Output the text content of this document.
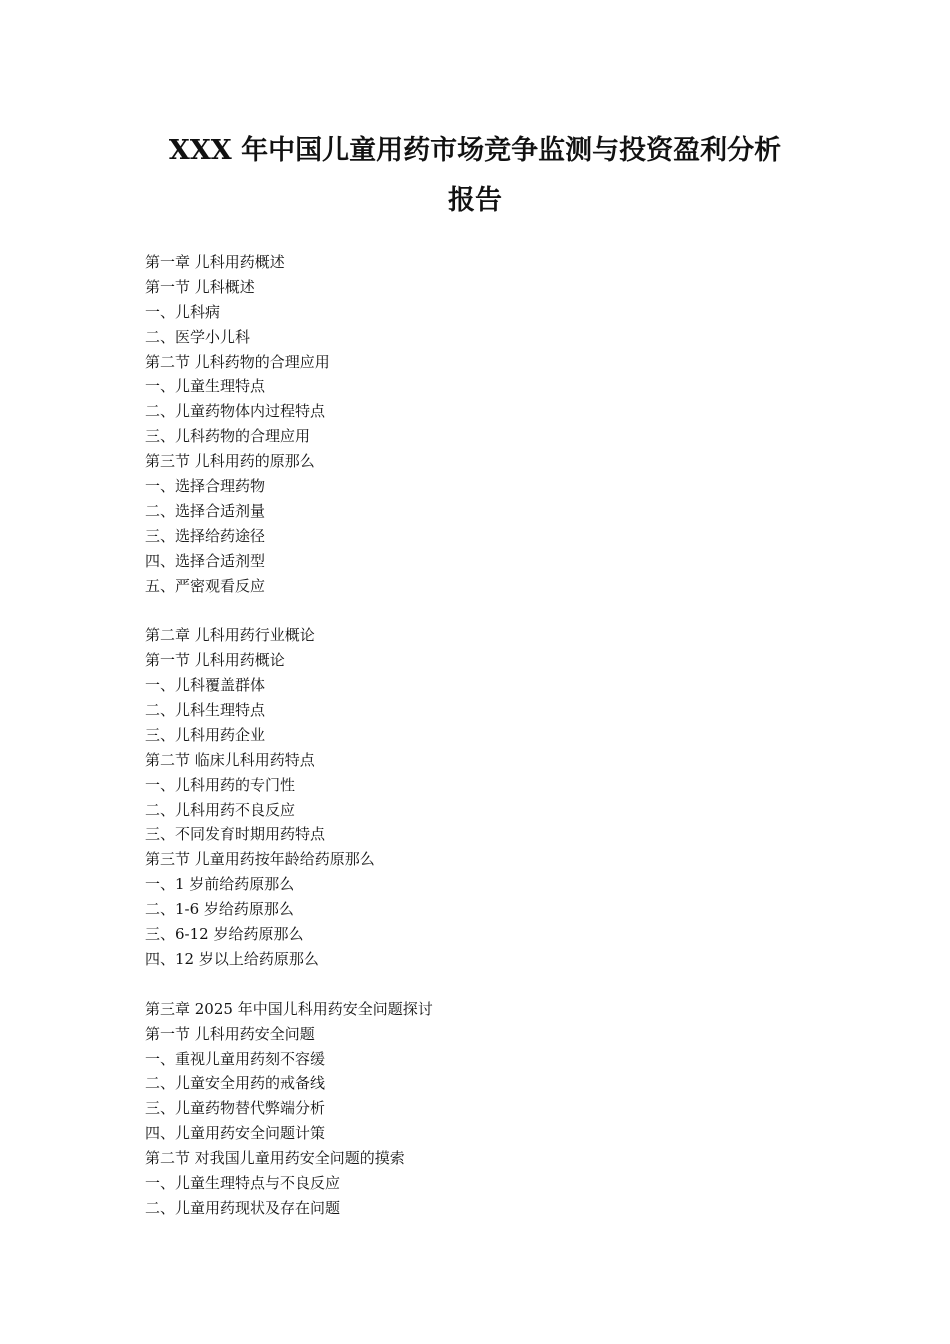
XXX 年中国儿童用药市场竞争监测与投资盈利分析
报告
第一章 儿科用药概述
第一节 儿科概述
一、儿科病
二、医学小儿科
第二节 儿科药物的合理应用
一、儿童生理特点
二、儿童药物体内过程特点
三、儿科药物的合理应用
第三节 儿科用药的原那么
一、选择合理药物
二、选择合适剂量
三、选择给药途径
四、选择合适剂型
五、严密观看反应
第二章 儿科用药行业概论
第一节 儿科用药概论
一、儿科覆盖群体
二、儿科生理特点
三、儿科用药企业
第二节 临床儿科用药特点
一、儿科用药的专门性
二、儿科用药不良反应
三、不同发育时期用药特点
第三节 儿童用药按年龄给药原那么
一、1 岁前给药原那么
二、1-6 岁给药原那么
三、6-12 岁给药原那么
四、12 岁以上给药原那么
第三章 2025 年中国儿科用药安全问题探讨
第一节 儿科用药安全问题
一、重视儿童用药刻不容缓
二、儿童安全用药的戒备线
三、儿童药物替代弊端分析
四、儿童用药安全问题计策
第二节 对我国儿童用药安全问题的摸索
一、儿童生理特点与不良反应
二、儿童用药现状及存在问题
